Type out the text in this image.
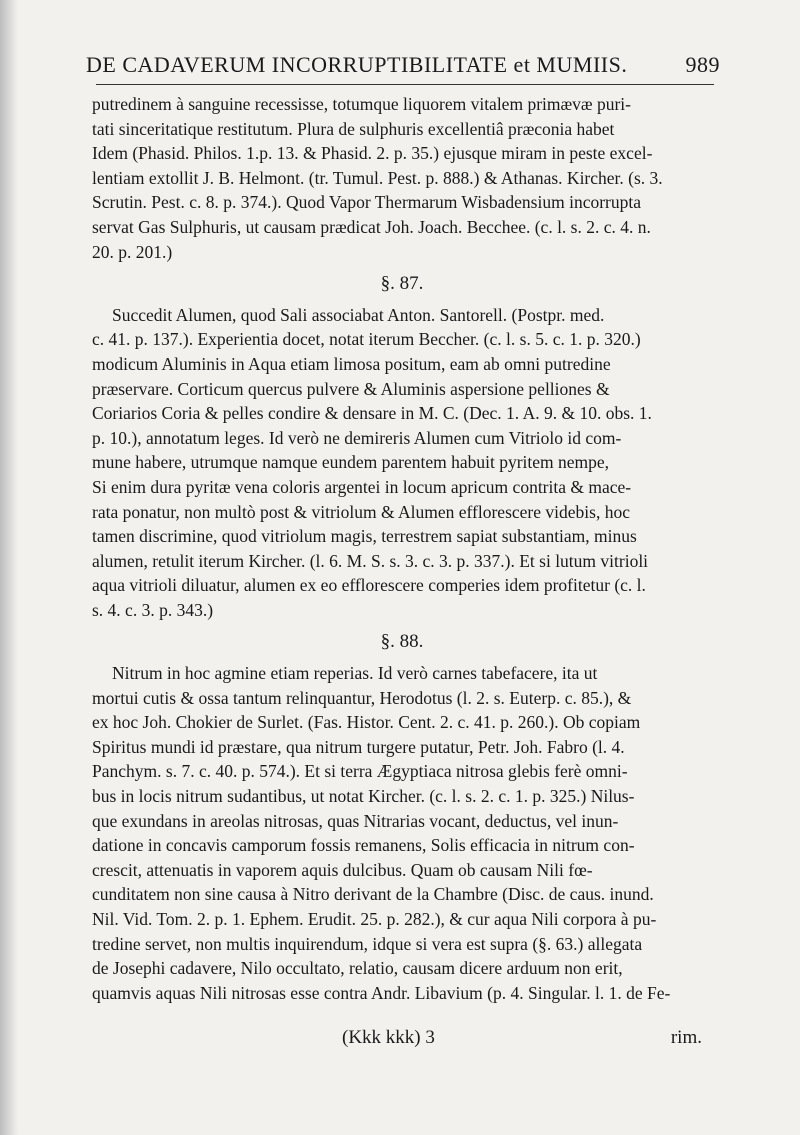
DE CADAVERUM INCORRUPTIBILITATE et MUMIIS.	989

putredinem à sanguine recessisse, totumque liquorem vitalem primævæ puri-
tati sinceritatique restitutum. Plura de sulphuris excellentiâ præconia habet
Idem (Phasid. Philos. 1.p. 13. & Phasid. 2. p. 35.) ejusque miram in peste excel-
lentiam extollit J. B. Helmont. (tr. Tumul. Pest. p. 888.) & Athanas. Kircher. (s. 3.
Scrutin. Pest. c. 8. p. 374.). Quod Vapor Thermarum Wisbadensium incorrupta
servat Gas Sulphuris, ut causam prædicat Joh. Joach. Becchee. (c. l. s. 2. c. 4. n.
20. p. 201.)

§. 87.

Succedit Alumen, quod Sali associabat Anton. Santorell. (Postpr. med.
c. 41. p. 137.). Experientia docet, notat iterum Beccher. (c. l. s. 5. c. 1. p. 320.)
modicum Aluminis in Aqua etiam limosa positum, eam ab omni putredine
præservare. Corticum quercus pulvere & Aluminis aspersione pelliones &
Coriarios Coria & pelles condire & densare in M. C. (Dec. 1. A. 9. & 10. obs. 1.
p. 10.), annotatum leges. Id verò ne demireris Alumen cum Vitriolo id com-
mune habere, utrumque namque eundem parentem habuit pyritem nempe,
Si enim dura pyritæ vena coloris argentei in locum apricum contrita & mace-
rata ponatur, non multò post & vitriolum & Alumen efflorescere videbis, hoc
tamen discrimine, quod vitriolum magis, terrestrem sapiat substantiam, minus
alumen, retulit iterum Kircher. (l. 6. M. S. s. 3. c. 3. p. 337.). Et si lutum vitrioli
aqua vitrioli diluatur, alumen ex eo efflorescere comperies idem profitetur (c. l.
s. 4. c. 3. p. 343.)

§. 88.

Nitrum in hoc agmine etiam reperias. Id verò carnes tabefacere, ita ut
mortui cutis & ossa tantum relinquantur, Herodotus (l. 2. s. Euterp. c. 85.), &
ex hoc Joh. Chokier de Surlet. (Fas. Histor. Cent. 2. c. 41. p. 260.). Ob copiam
Spiritus mundi id præstare, qua nitrum turgere putatur, Petr. Joh. Fabro (l. 4.
Panchym. s. 7. c. 40. p. 574.). Et si terra Ægyptiaca nitrosa glebis ferè omni-
bus in locis nitrum sudantibus, ut notat Kircher. (c. l. s. 2. c. 1. p. 325.) Nilus-
que exundans in areolas nitrosas, quas Nitrarias vocant, deductus, vel inun-
datione in concavis camporum fossis remanens, Solis efficacia in nitrum con-
crescit, attenuatis in vaporem aquis dulcibus. Quam ob causam Nili fœ-
cunditatem non sine causa à Nitro derivant de la Chambre (Disc. de caus. inund.
Nil. Vid. Tom. 2. p. 1. Ephem. Erudit. 25. p. 282.), & cur aqua Nili corpora à pu-
tredine servet, non multis inquirendum, idque si vera est supra (§. 63.) allegata
de Josephi cadavere, Nilo occultato, relatio, causam dicere arduum non erit,
quamvis aquas Nili nitrosas esse contra Andr. Libavium (p. 4. Singular. l. 1. de Fe-

(Kkk kkk) 3	rim.
